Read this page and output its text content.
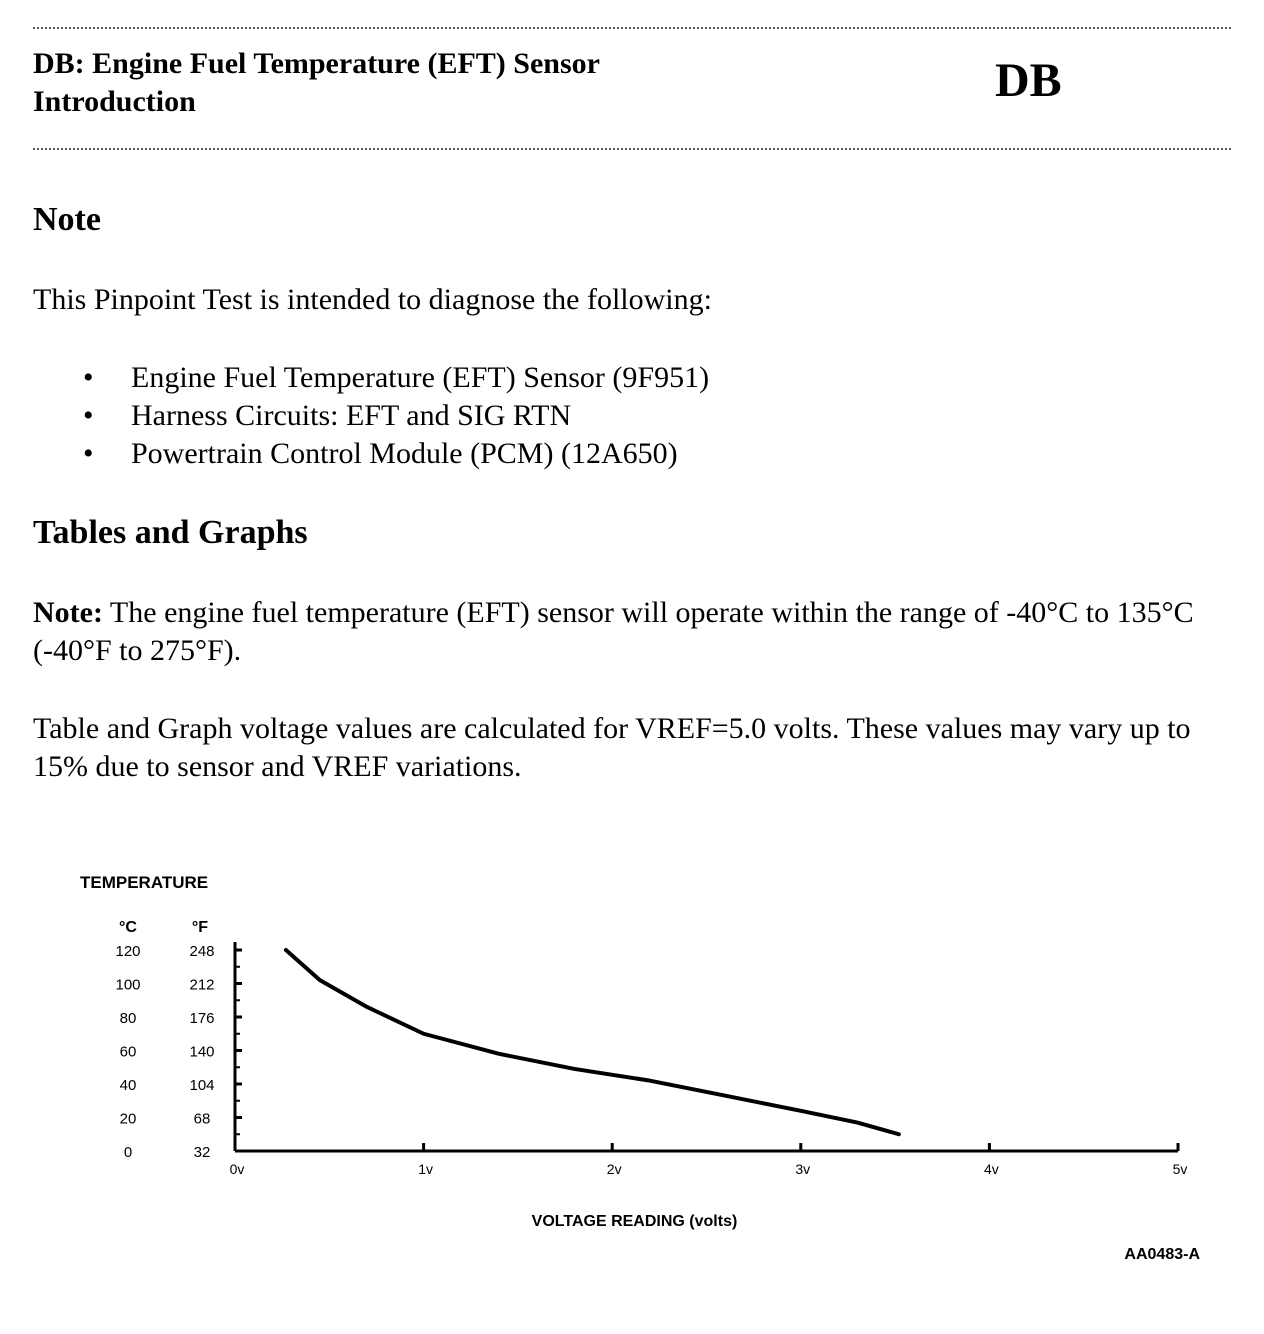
DB: Engine Fuel Temperature (EFT) Sensor
Introduction	DB
Note

This Pinpoint Test is intended to diagnose the following:

• Engine Fuel Temperature (EFT) Sensor (9F951)
• Harness Circuits: EFT and SIG RTN
• Powertrain Control Module (PCM) (12A650)
Tables and Graphs

Note: The engine fuel temperature (EFT) sensor will operate within the range of -40°C to 135°C (-40°F to 275°F).

Table and Graph voltage values are calculated for VREF=5.0 volts. These values may vary up to 15% due to sensor and VREF variations.

TEMPERATURE
°C	°F
120	248
100	212
80	176
60	140
40	104
20	68
0	32
0v	1v	2v	3v	4v	5v
VOLTAGE READING (volts)
AA0483-A
